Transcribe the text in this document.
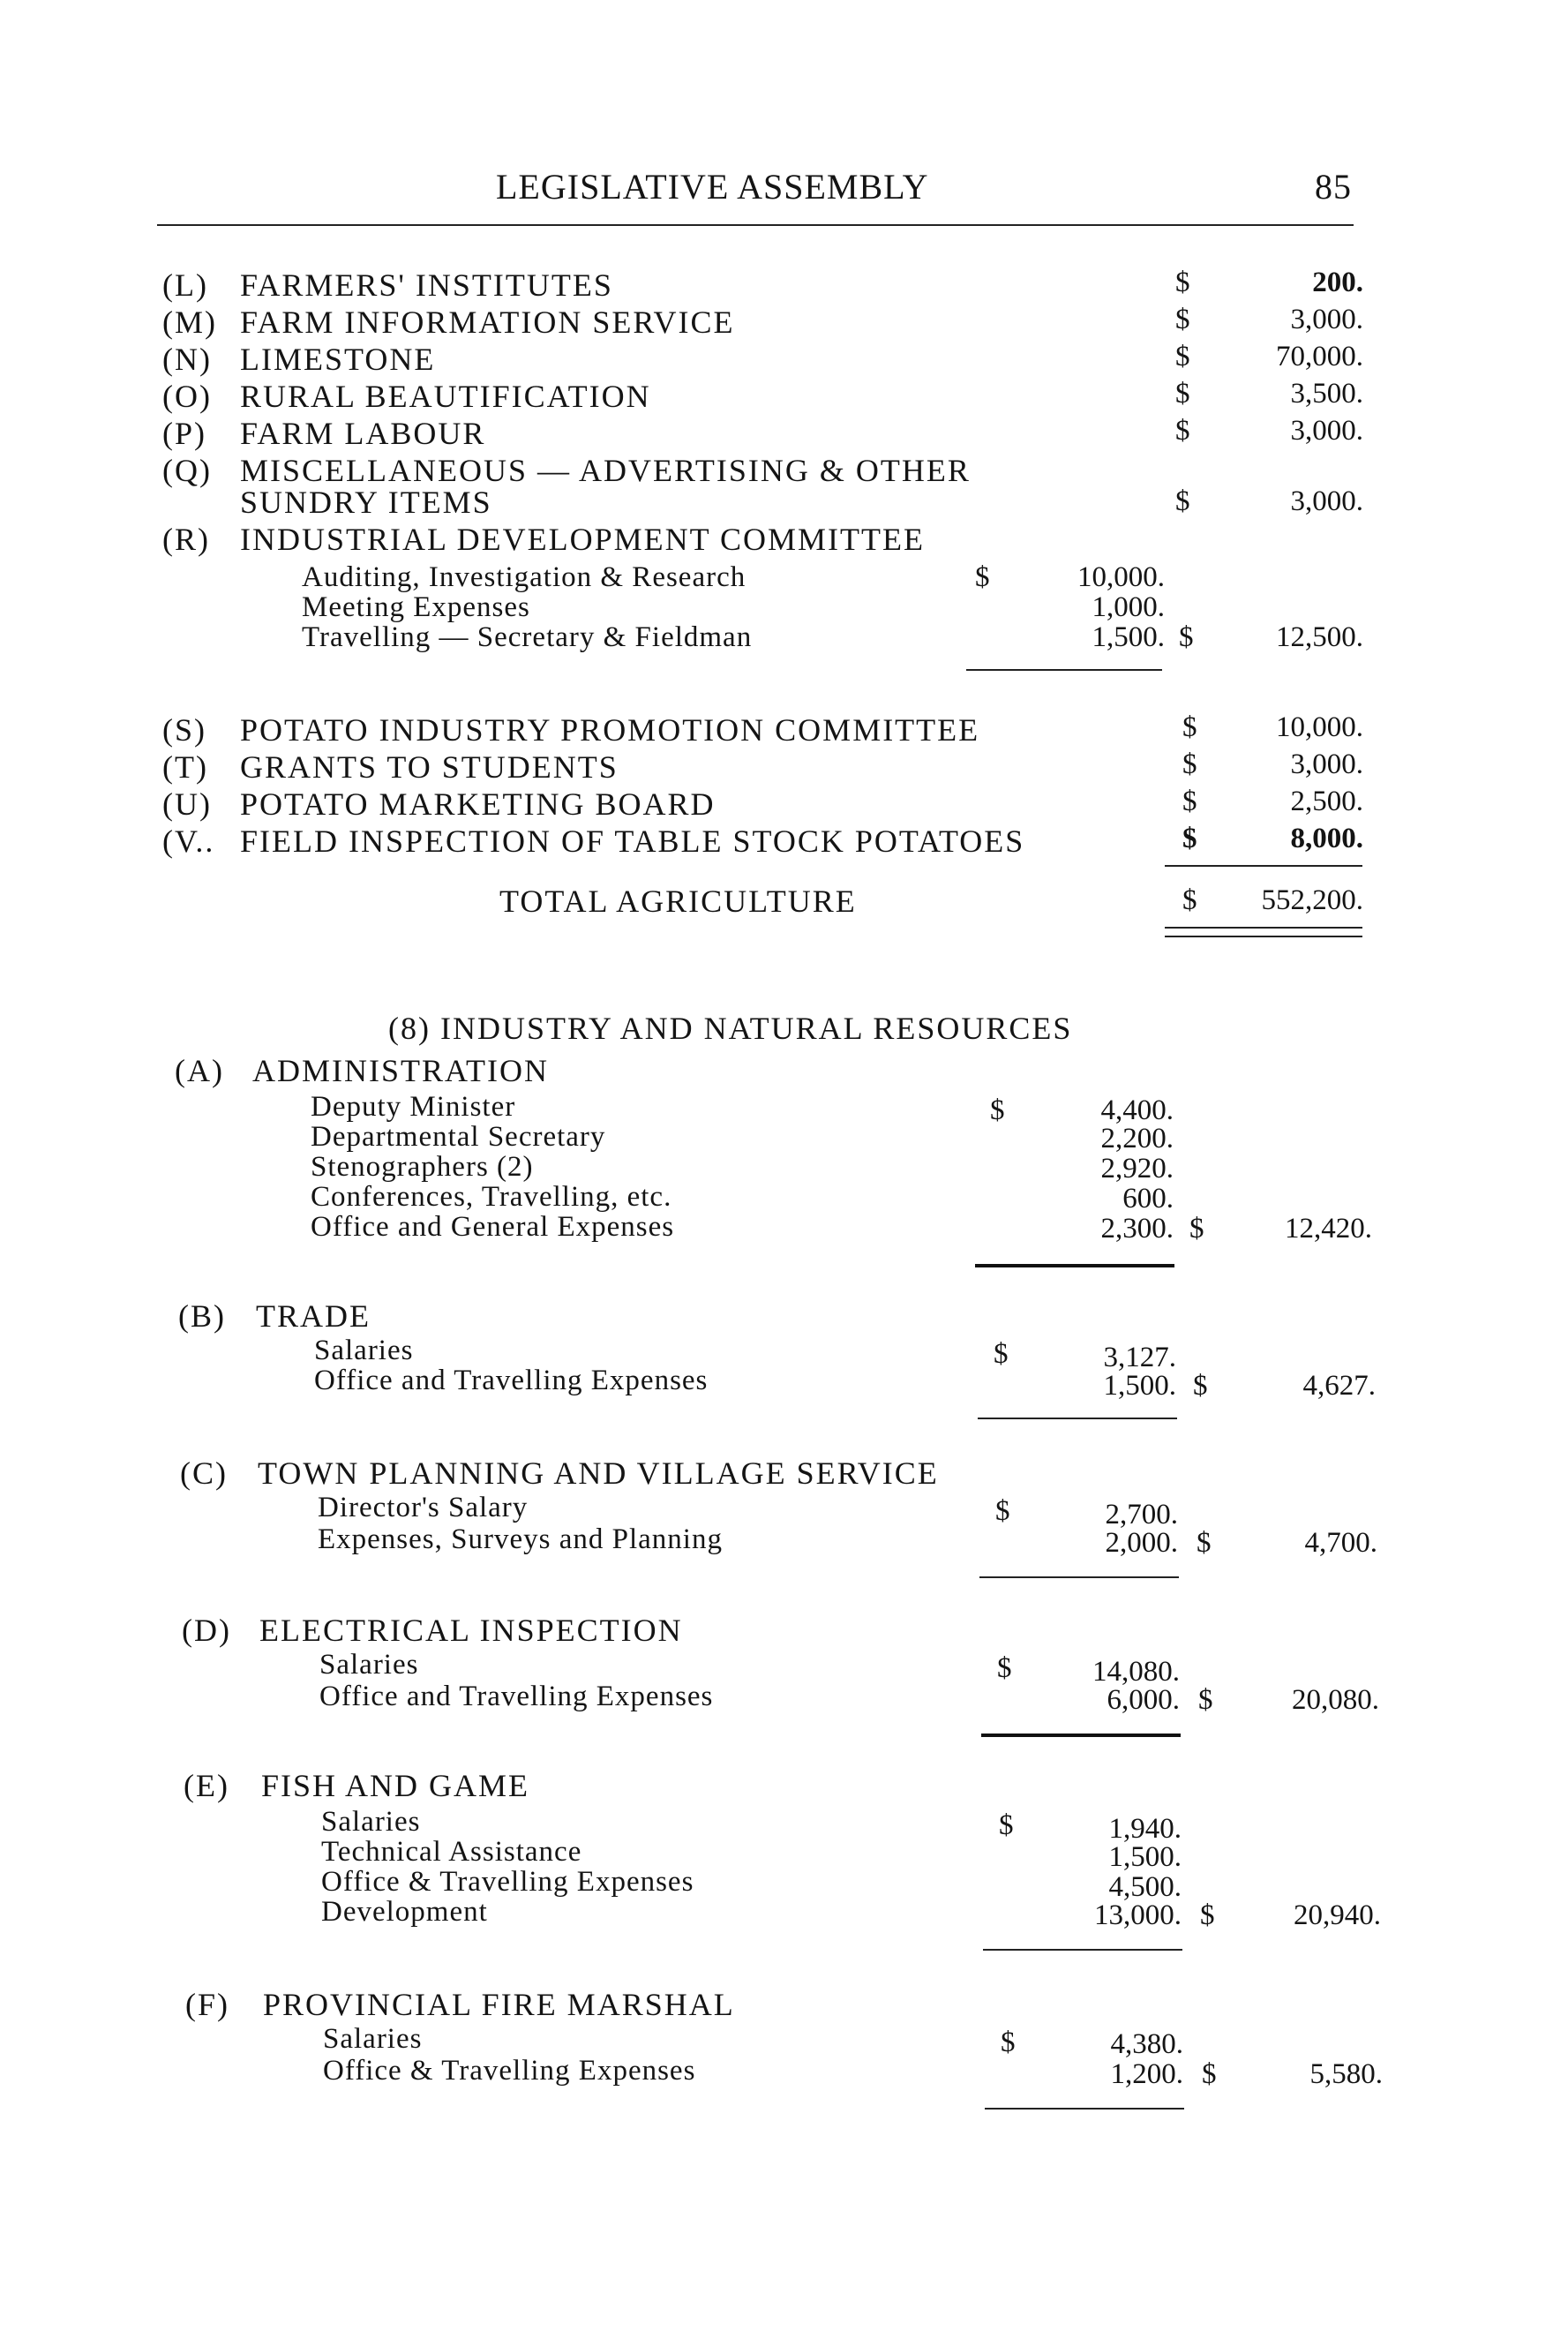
LEGISLATIVE ASSEMBLY	85
(L) FARMERS' INSTITUTES	$	200.
(M) FARM INFORMATION SERVICE	$	3,000.
(N) LIMESTONE	$	70,000.
(O) RURAL BEAUTIFICATION	$	3,500.
(P) FARM LABOUR	$	3,000.
(Q) MISCELLANEOUS — ADVERTISING & OTHER
SUNDRY ITEMS	$	3,000.
(R) INDUSTRIAL DEVELOPMENT COMMITTEE
Auditing, Investigation & Research	$	10,000.
Meeting Expenses	1,000.
Travelling — Secretary & Fieldman	1,500. $	12,500.
(S) POTATO INDUSTRY PROMOTION COMMITTEE	$	10,000.
(T) GRANTS TO STUDENTS	$	3,000.
(U) POTATO MARKETING BOARD	$	2,500.
(V.. FIELD INSPECTION OF TABLE STOCK POTATOES	$	8,000.
TOTAL AGRICULTURE	$ 552,200.
(8) INDUSTRY AND NATURAL RESOURCES
(A) ADMINISTRATION
Deputy Minister	$	4,400.
Departmental Secretary	2,200.
Stenographers (2)	2,920.
Conferences, Travelling, etc.	600.
Office and General Expenses	2,300. $	12,420.
(B) TRADE
Salaries	$	3,127.
Office and Travelling Expenses	1,500. $	4,627.
(C) TOWN PLANNING AND VILLAGE SERVICE
Director's Salary	$	2,700.
Expenses, Surveys and Planning	2,000. $	4,700.
(D) ELECTRICAL INSPECTION
Salaries	$	14,080.
Office and Travelling Expenses	6,000. $	20,080.
(E) FISH AND GAME
Salaries	$	1,940.
Technical Assistance	1,500.
Office & Travelling Expenses	4,500.
Development	13,000. $	20,940.
(F) PROVINCIAL FIRE MARSHAL
Salaries	$	4,380.
Office & Travelling Expenses	1,200. $	5,580.
